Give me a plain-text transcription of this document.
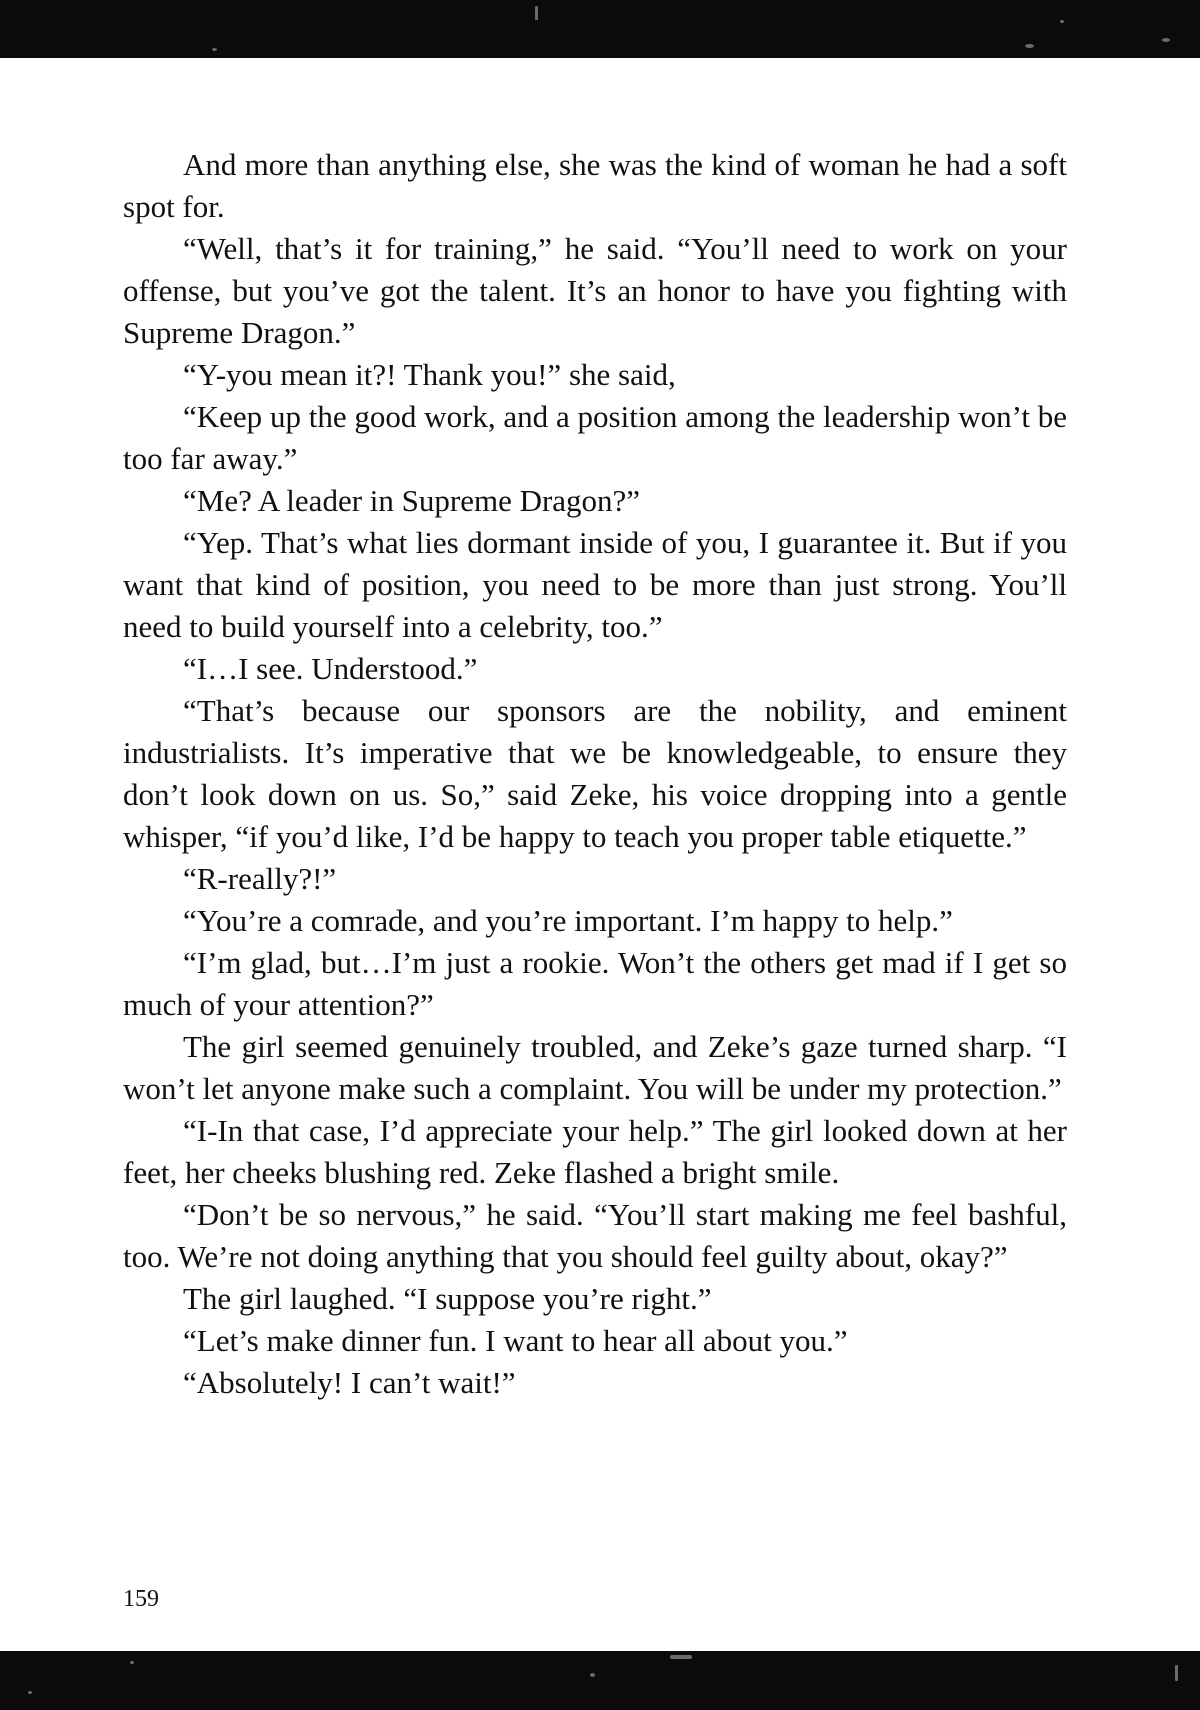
And more than anything else, she was the kind of woman he had a soft spot for.

“Well, that’s it for training,” he said. “You’ll need to work on your offense, but you’ve got the talent. It’s an honor to have you fighting with Supreme Dragon.”

“Y-you mean it?! Thank you!” she said,

“Keep up the good work, and a position among the leadership won’t be too far away.”

“Me? A leader in Supreme Dragon?”

“Yep. That’s what lies dormant inside of you, I guarantee it. But if you want that kind of position, you need to be more than just strong. You’ll need to build yourself into a celebrity, too.”

“I…I see. Understood.”

“That’s because our sponsors are the nobility, and eminent industrialists. It’s imperative that we be knowledgeable, to ensure they don’t look down on us. So,” said Zeke, his voice dropping into a gentle whisper, “if you’d like, I’d be happy to teach you proper table etiquette.”

“R-really?!”

“You’re a comrade, and you’re important. I’m happy to help.”

“I’m glad, but…I’m just a rookie. Won’t the others get mad if I get so much of your attention?”

The girl seemed genuinely troubled, and Zeke’s gaze turned sharp. “I won’t let anyone make such a complaint. You will be under my protection.”

“I-In that case, I’d appreciate your help.” The girl looked down at her feet, her cheeks blushing red. Zeke flashed a bright smile.

“Don’t be so nervous,” he said. “You’ll start making me feel bashful, too. We’re not doing anything that you should feel guilty about, okay?”

The girl laughed. “I suppose you’re right.”

“Let’s make dinner fun. I want to hear all about you.”

“Absolutely! I can’t wait!”

159
